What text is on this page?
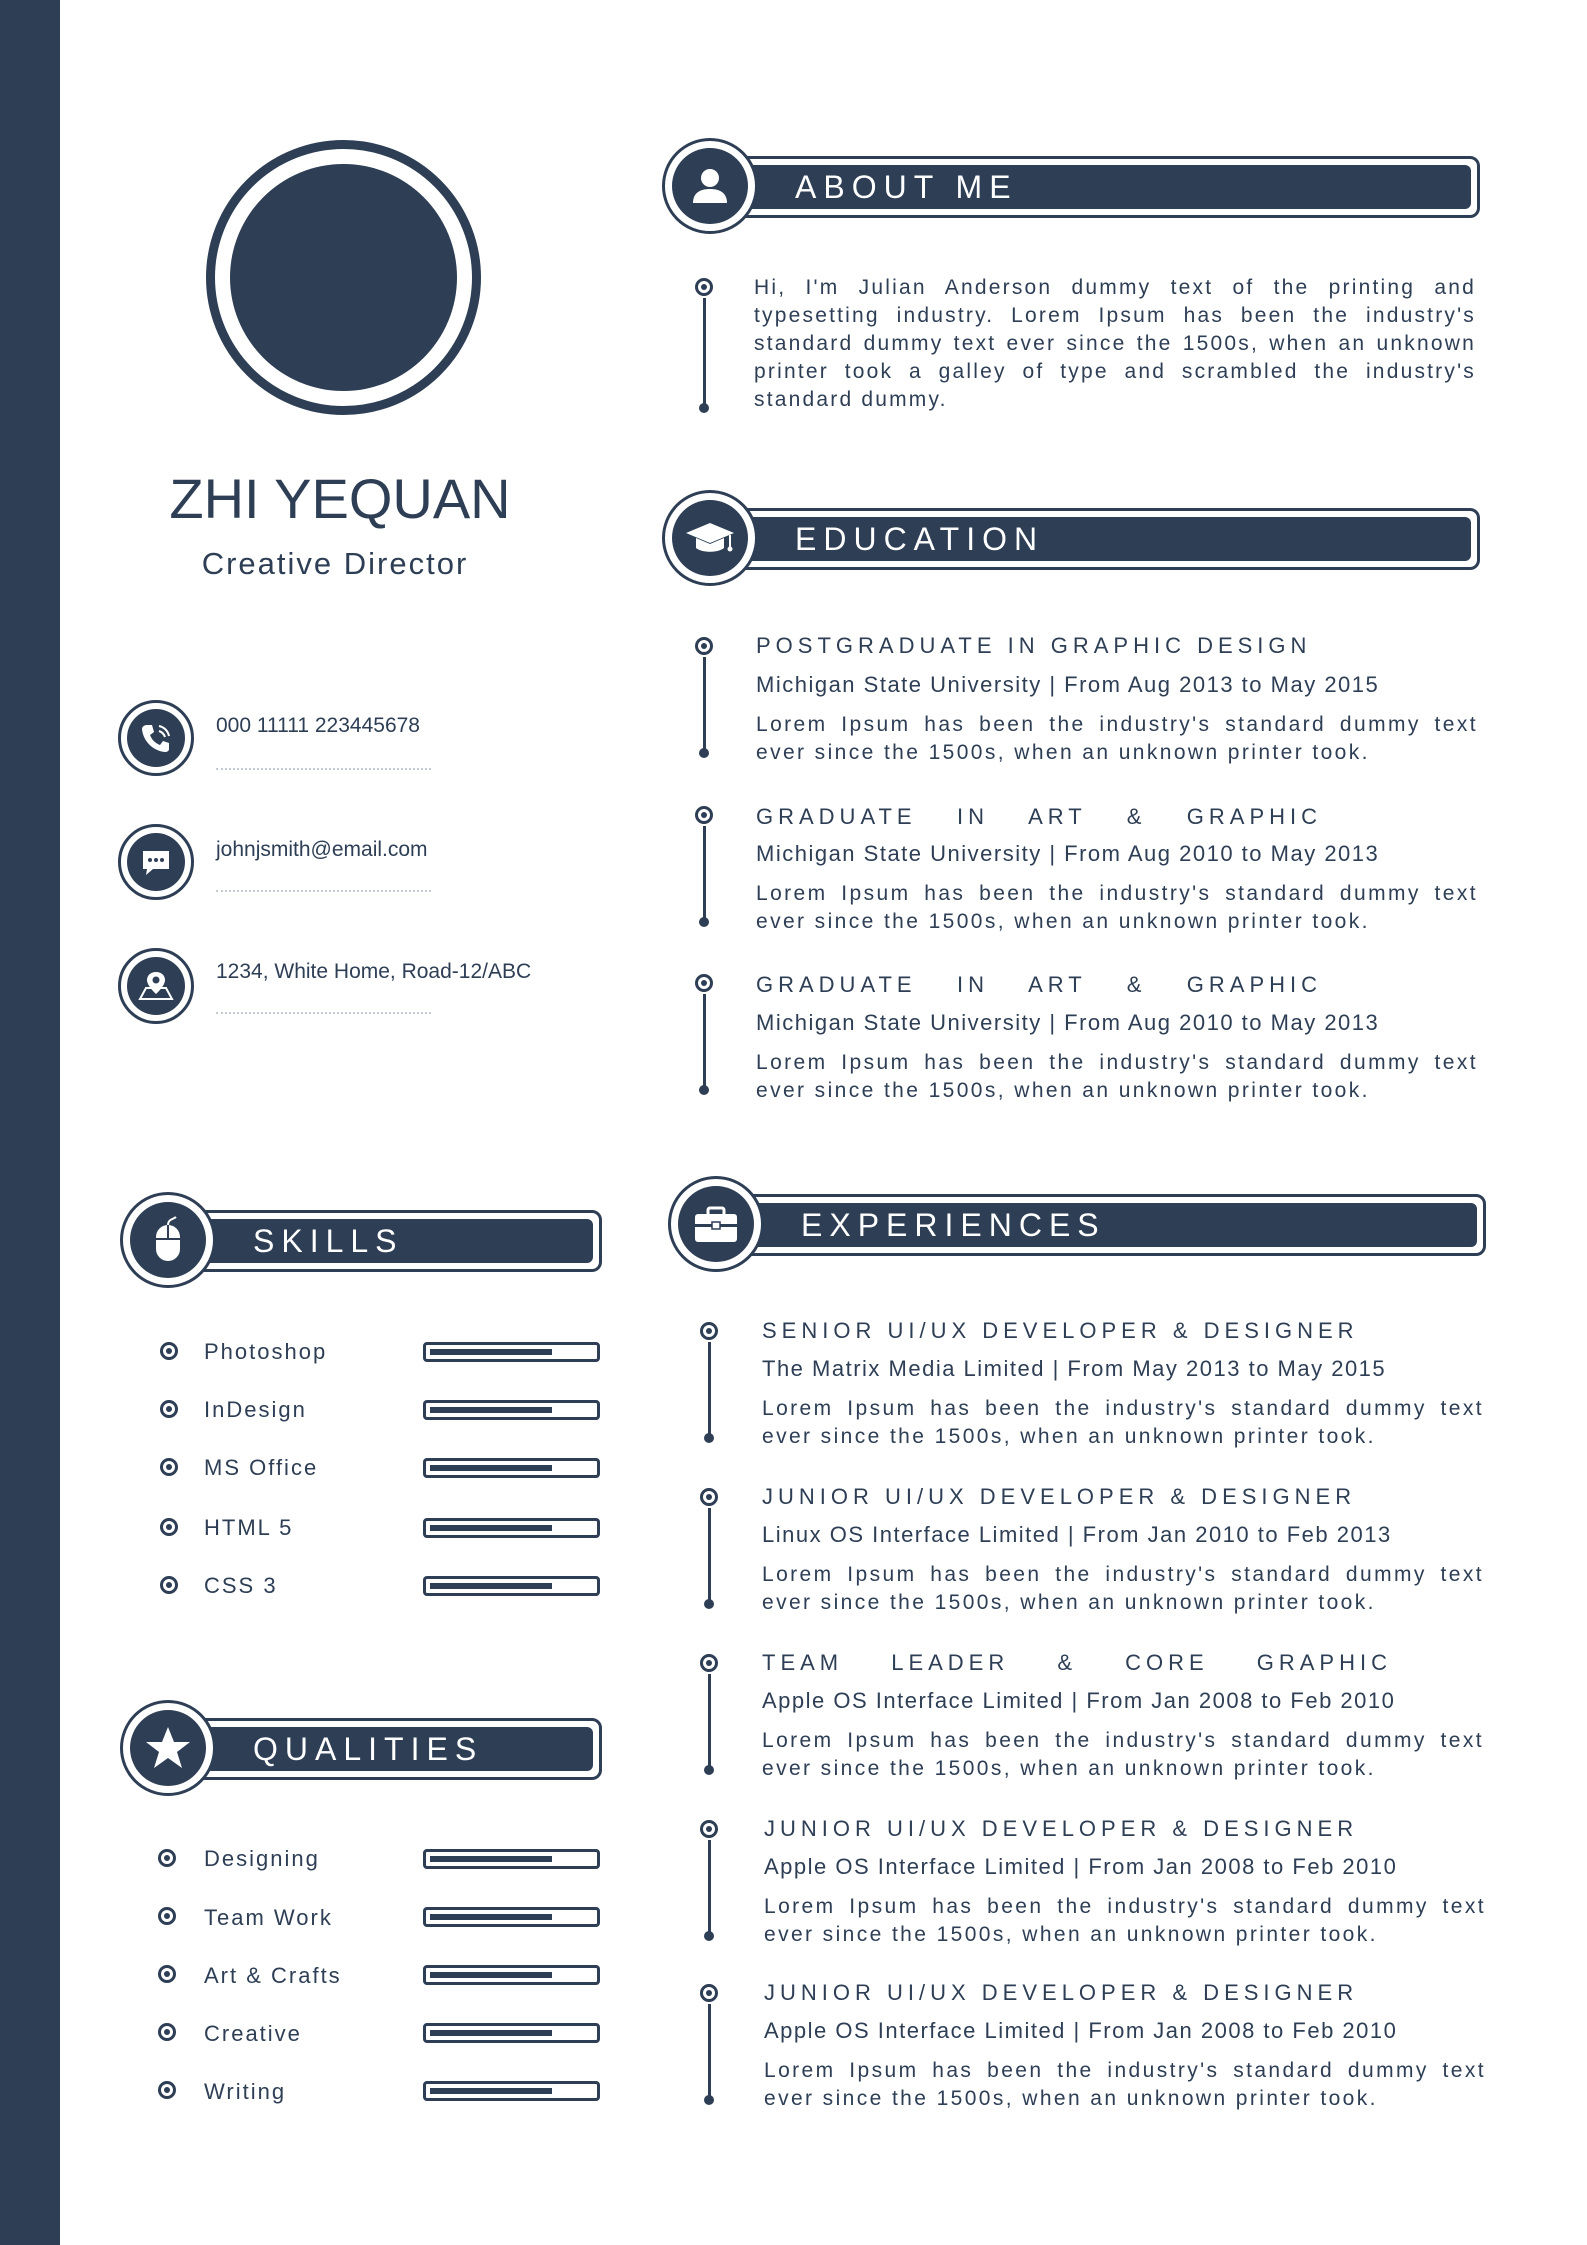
ZHI YEQUAN
Creative Director
000 11111 223445678
johnjsmith@email.com
1234, White Home, Road-12/ABC
ABOUT ME
Hi, I'm Julian Anderson dummy text of the printing and typesetting industry. Lorem Ipsum has been the industry's standard dummy text ever since the 1500s, when an unknown printer took a galley of type and scrambled the industry's standard dummy.
EDUCATION
POSTGRADUATE IN GRAPHIC DESIGN
Michigan State University | From Aug 2013 to May 2015
Lorem Ipsum has been the industry's standard dummy text ever since the 1500s, when an unknown printer took.
GRADUATE IN ART & GRAPHIC
Michigan State University | From Aug 2010 to May 2013
Lorem Ipsum has been the industry's standard dummy text ever since the 1500s, when an unknown printer took.
GRADUATE IN ART & GRAPHIC
Michigan State University | From Aug 2010 to May 2013
Lorem Ipsum has been the industry's standard dummy text ever since the 1500s, when an unknown printer took.
SKILLS
Photoshop
InDesign
MS Office
HTML 5
CSS 3
QUALITIES
Designing
Team Work
Art & Crafts
Creative
Writing
EXPERIENCES
SENIOR UI/UX DEVELOPER & DESIGNER
The Matrix Media Limited | From May 2013 to May 2015
Lorem Ipsum has been the industry's standard dummy text ever since the 1500s, when an unknown printer took.
JUNIOR UI/UX DEVELOPER & DESIGNER
Linux OS Interface Limited | From Jan 2010 to Feb 2013
Lorem Ipsum has been the industry's standard dummy text ever since the 1500s, when an unknown printer took.
TEAM LEADER & CORE GRAPHIC
Apple OS Interface Limited | From Jan 2008 to Feb 2010
Lorem Ipsum has been the industry's standard dummy text ever since the 1500s, when an unknown printer took.
JUNIOR UI/UX DEVELOPER & DESIGNER
Apple OS Interface Limited | From Jan 2008 to Feb 2010
Lorem Ipsum has been the industry's standard dummy text ever since the 1500s, when an unknown printer took.
JUNIOR UI/UX DEVELOPER & DESIGNER
Apple OS Interface Limited | From Jan 2008 to Feb 2010
Lorem Ipsum has been the industry's standard dummy text ever since the 1500s, when an unknown printer took.
